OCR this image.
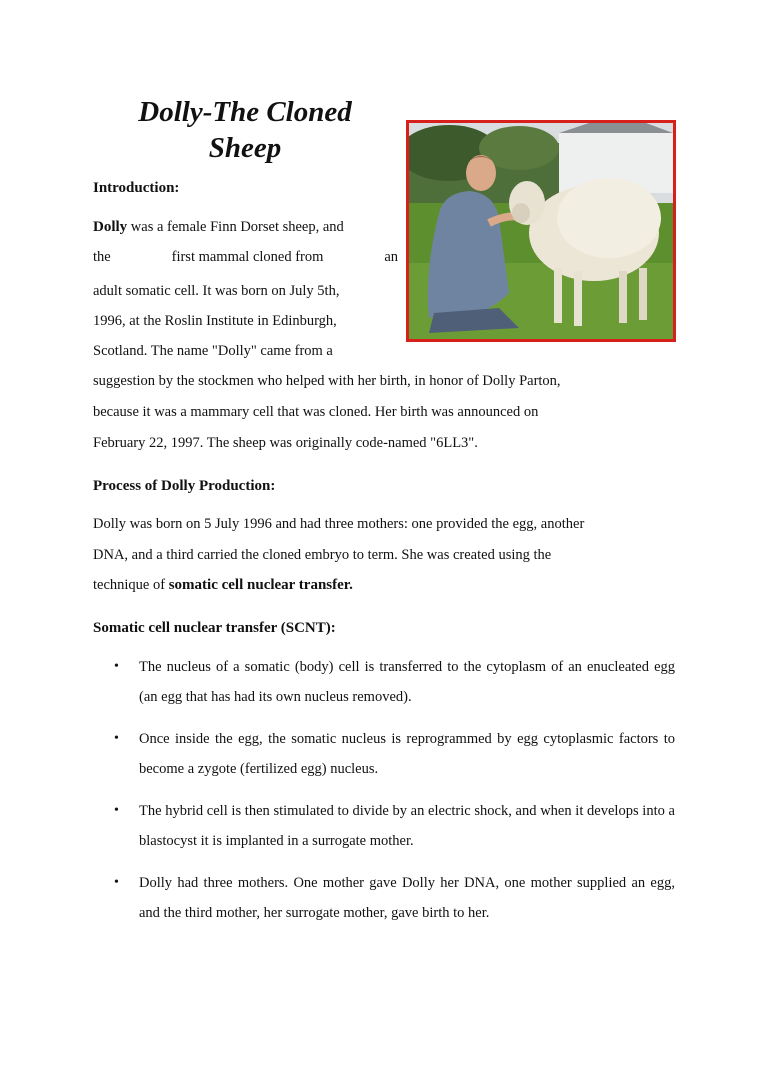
Dolly-The Cloned
Sheep
Introduction:
Dolly was a female Finn Dorset sheep, and
the	first mammal cloned from	an
adult somatic cell. It was born on July 5th,
1996, at the Roslin Institute in Edinburgh,
Scotland. The name "Dolly" came from a
suggestion by the stockmen who helped with her birth, in honor of Dolly Parton,
because it was a mammary cell that was cloned. Her birth was announced on
February 22, 1997. The sheep was originally code-named "6LL3".
Process of Dolly Production:
Dolly was born on 5 July 1996 and had three mothers: one provided the egg, another
DNA, and a third carried the cloned embryo to term. She was created using the
technique of somatic cell nuclear transfer.
Somatic cell nuclear transfer (SCNT):
• The nucleus of a somatic (body) cell is transferred to the cytoplasm of an enucleated egg (an egg that has had its own nucleus removed).
• Once inside the egg, the somatic nucleus is reprogrammed by egg cytoplasmic factors to become a zygote (fertilized egg) nucleus.
• The hybrid cell is then stimulated to divide by an electric shock, and when it develops into a blastocyst it is implanted in a surrogate mother.
• Dolly had three mothers. One mother gave Dolly her DNA, one mother supplied an egg, and the third mother, her surrogate mother, gave birth to her.
